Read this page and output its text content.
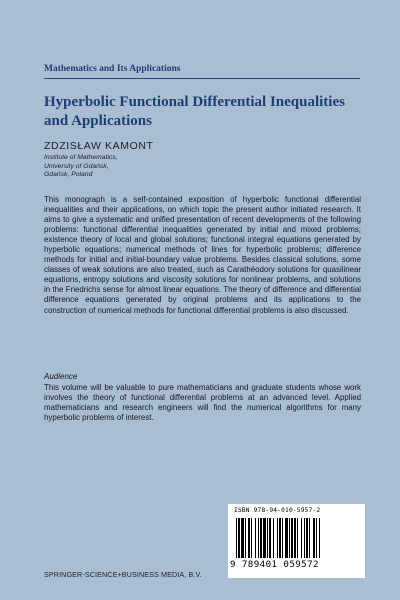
Mathematics and Its Applications
Hyperbolic Functional Differential Inequalities
and Applications
ZDZISŁAW KAMONT
Institute of Mathematics,
University of Gdańsk,
Gdańsk, Poland

This monograph is a self-contained exposition of hyperbolic functional differential inequalities and their applications, on which topic the present author initiated research. It aims to give a systematic and unified presentation of recent developments of the following problems: functional differential inequalities generated by initial and mixed problems; existence theory of local and global solutions; functional integral equations generated by hyperbolic equations; numerical methods of lines for hyperbolic problems; difference methods for initial and initial-boundary value problems. Besides classical solutions, some classes of weak solutions are also treated, such as Carathéodory solutions for quasilinear equations, entropy solutions and viscosity solutions for nonlinear problems, and solutions in the Friedrichs sense for almost linear equations. The theory of difference and differential difference equations generated by original problems and its applications to the construction of numerical methods for functional differential problems is also discussed.

Audience

This volume will be valuable to pure mathematicians and graduate students whose work involves the theory of functional differential problems at an advanced level. Applied mathematicians and research engineers will find the numerical algorithms for many hyperbolic problems of interest.

ISBN 978-94-010-5957-2
9 789401 059572
SPRINGER-SCIENCE+BUSINESS MEDIA, B.V.
